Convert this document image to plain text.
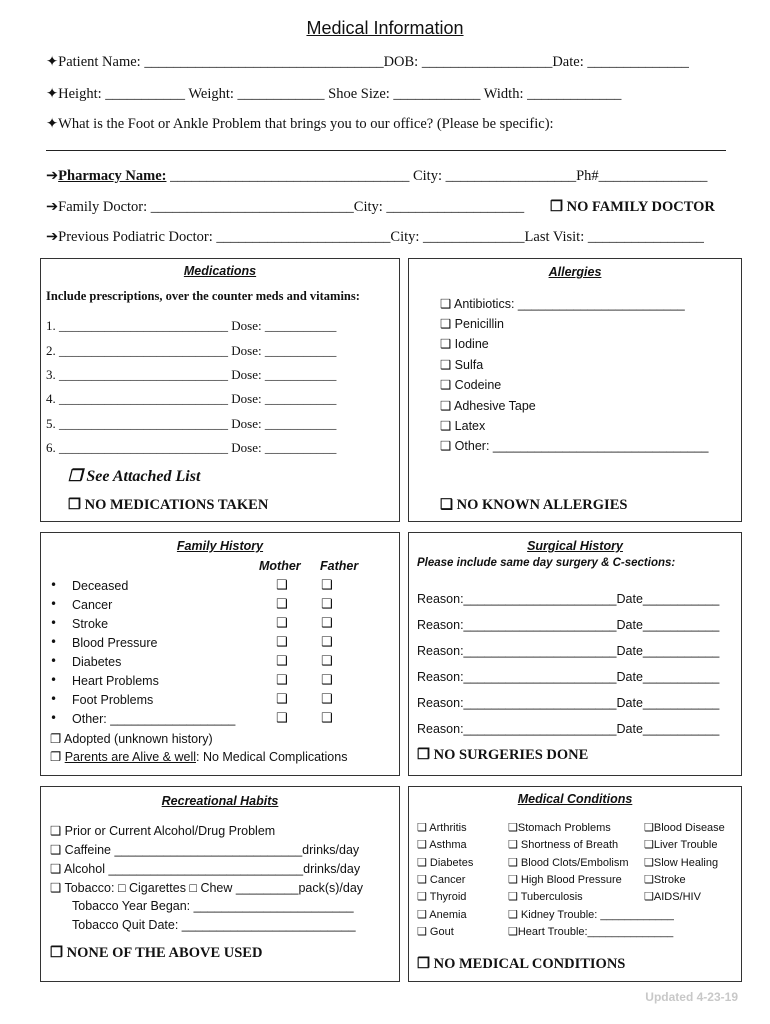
Medical Information
✦Patient Name: _________________________________DOB: __________________Date: ______________
✦Height: ___________ Weight: ____________ Shoe Size: ____________ Width: _____________
✦What is the Foot or Ankle Problem that brings you to our office? (Please be specific):
➔Pharmacy Name: _________________________________ City: __________________Ph#_______________
➔Family Doctor: ____________________________City: ___________________ ❐ NO FAMILY DOCTOR
➔Previous Podiatric Doctor: ________________________City: ______________Last Visit: ________________
Medications
Include prescriptions, over the counter meds and vitamins:
1. __________________________ Dose: ___________
2. __________________________ Dose: ___________
3. __________________________ Dose: ___________
4. __________________________ Dose: ___________
5. __________________________ Dose: ___________
6. __________________________ Dose: ___________
❐ See Attached List
❐ NO MEDICATIONS TAKEN
Allergies
❑ Antibiotics: ________________________
❑ Penicillin
❑ Iodine
❑ Sulfa
❑ Codeine
❑ Adhesive Tape
❑ Latex
❑ Other: _______________________________
❑ NO KNOWN ALLERGIES
Family History
Mother Father
• Deceased	❑	❑
• Cancer	❑	❑
• Stroke	❑	❑
• Blood Pressure	❑	❑
• Diabetes	❑	❑
• Heart Problems	❑	❑
• Foot Problems	❑	❑
• Other: __________________	❑	❑
❐ Adopted (unknown history)
❐ Parents are Alive & well: No Medical Complications
Surgical History
Please include same day surgery & C-sections:
Reason:______________________Date___________
Reason:______________________Date___________
Reason:______________________Date___________
Reason:______________________Date___________
Reason:______________________Date___________
Reason:______________________Date___________
❐ NO SURGERIES DONE
Recreational Habits
❑ Prior or Current Alcohol/Drug Problem
❑ Caffeine ___________________________drinks/day
❑ Alcohol ____________________________drinks/day
❑ Tobacco: □ Cigarettes □ Chew _________pack(s)/day
Tobacco Year Began: _______________________
Tobacco Quit Date: _________________________
❐ NONE OF THE ABOVE USED
Medical Conditions
❑ Arthritis
❑ Asthma
❑ Diabetes
❑ Cancer
❑ Thyroid
❑ Anemia
❑ Gout
❑Stomach Problems
❑ Shortness of Breath
❑ Blood Clots/Embolism
❑ High Blood Pressure
❑ Tuberculosis
❑ Kidney Trouble: ____________
❑Heart Trouble:______________
❑Blood Disease
❑Liver Trouble
❑Slow Healing
❑Stroke
❑AIDS/HIV
❐ NO MEDICAL CONDITIONS
Updated 4-23-19
